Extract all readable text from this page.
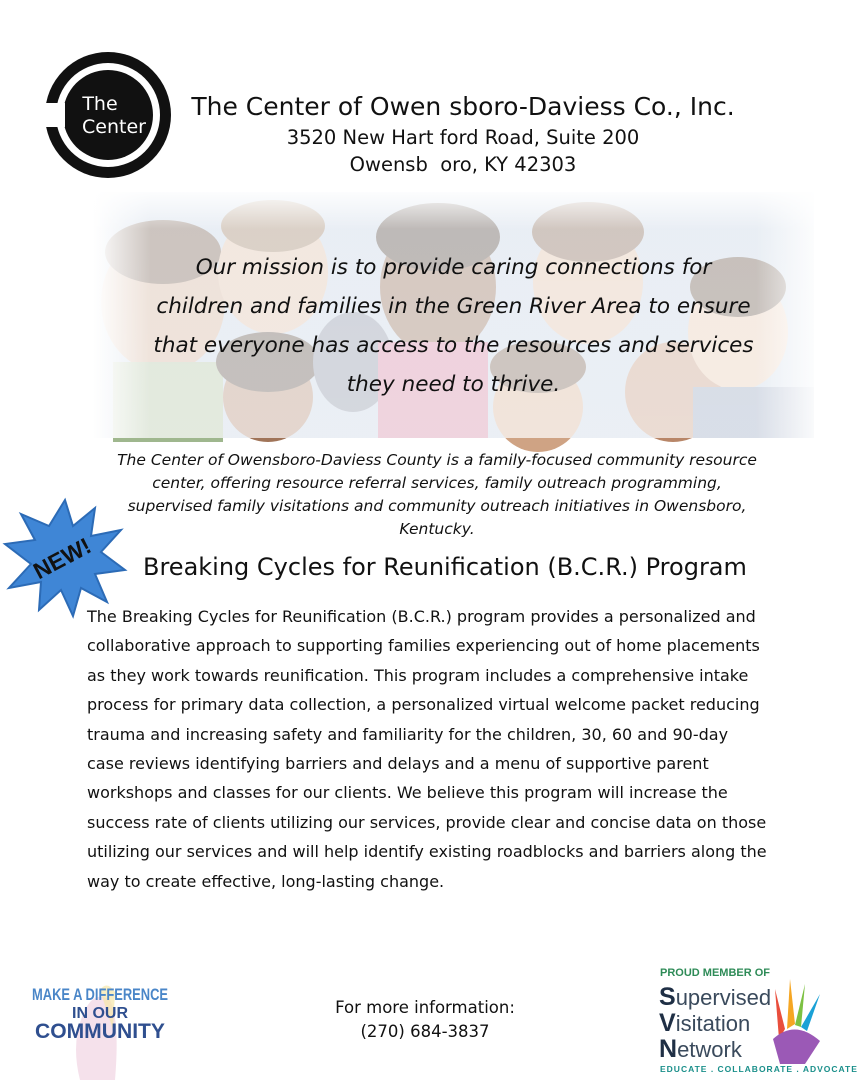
The
Center
The Center of Owen sboro-Daviess Co., Inc.
3520 New Hart ford Road, Suite 200
Owensb  oro, KY 42303
Our mission is to provide caring connections for children and families in the Green River Area to ensure that everyone has access to the resources and services they need to thrive.
The Center of Owensboro-Daviess County is a family-focused community resource center, offering resource referral services, family outreach programming, supervised family visitations and community outreach initiatives in Owensboro, Kentucky.
NEW! Breaking Cycles for Reunification (B.C.R.) Program
The Breaking Cycles for Reunification (B.C.R.) program provides a personalized and collaborative approach to supporting families experiencing out of home placements as they work towards reunification. This program includes a comprehensive intake process for primary data collection, a personalized virtual welcome packet reducing trauma and increasing safety and familiarity for the children, 30, 60 and 90-day case reviews identifying barriers and delays and a menu of supportive parent workshops and classes for our clients. We believe this program will increase the success rate of clients utilizing our services, provide clear and concise data on those utilizing our services and will help identify existing roadblocks and barriers along the way to create effective, long-lasting change.
MAKE A DIFFERENCE
IN OUR
COMMUNITY
For more information:
(270) 684-3837
PROUD MEMBER OF
Supervised
Visitation
Network
EDUCATE . COLLABORATE . ADVOCATE
